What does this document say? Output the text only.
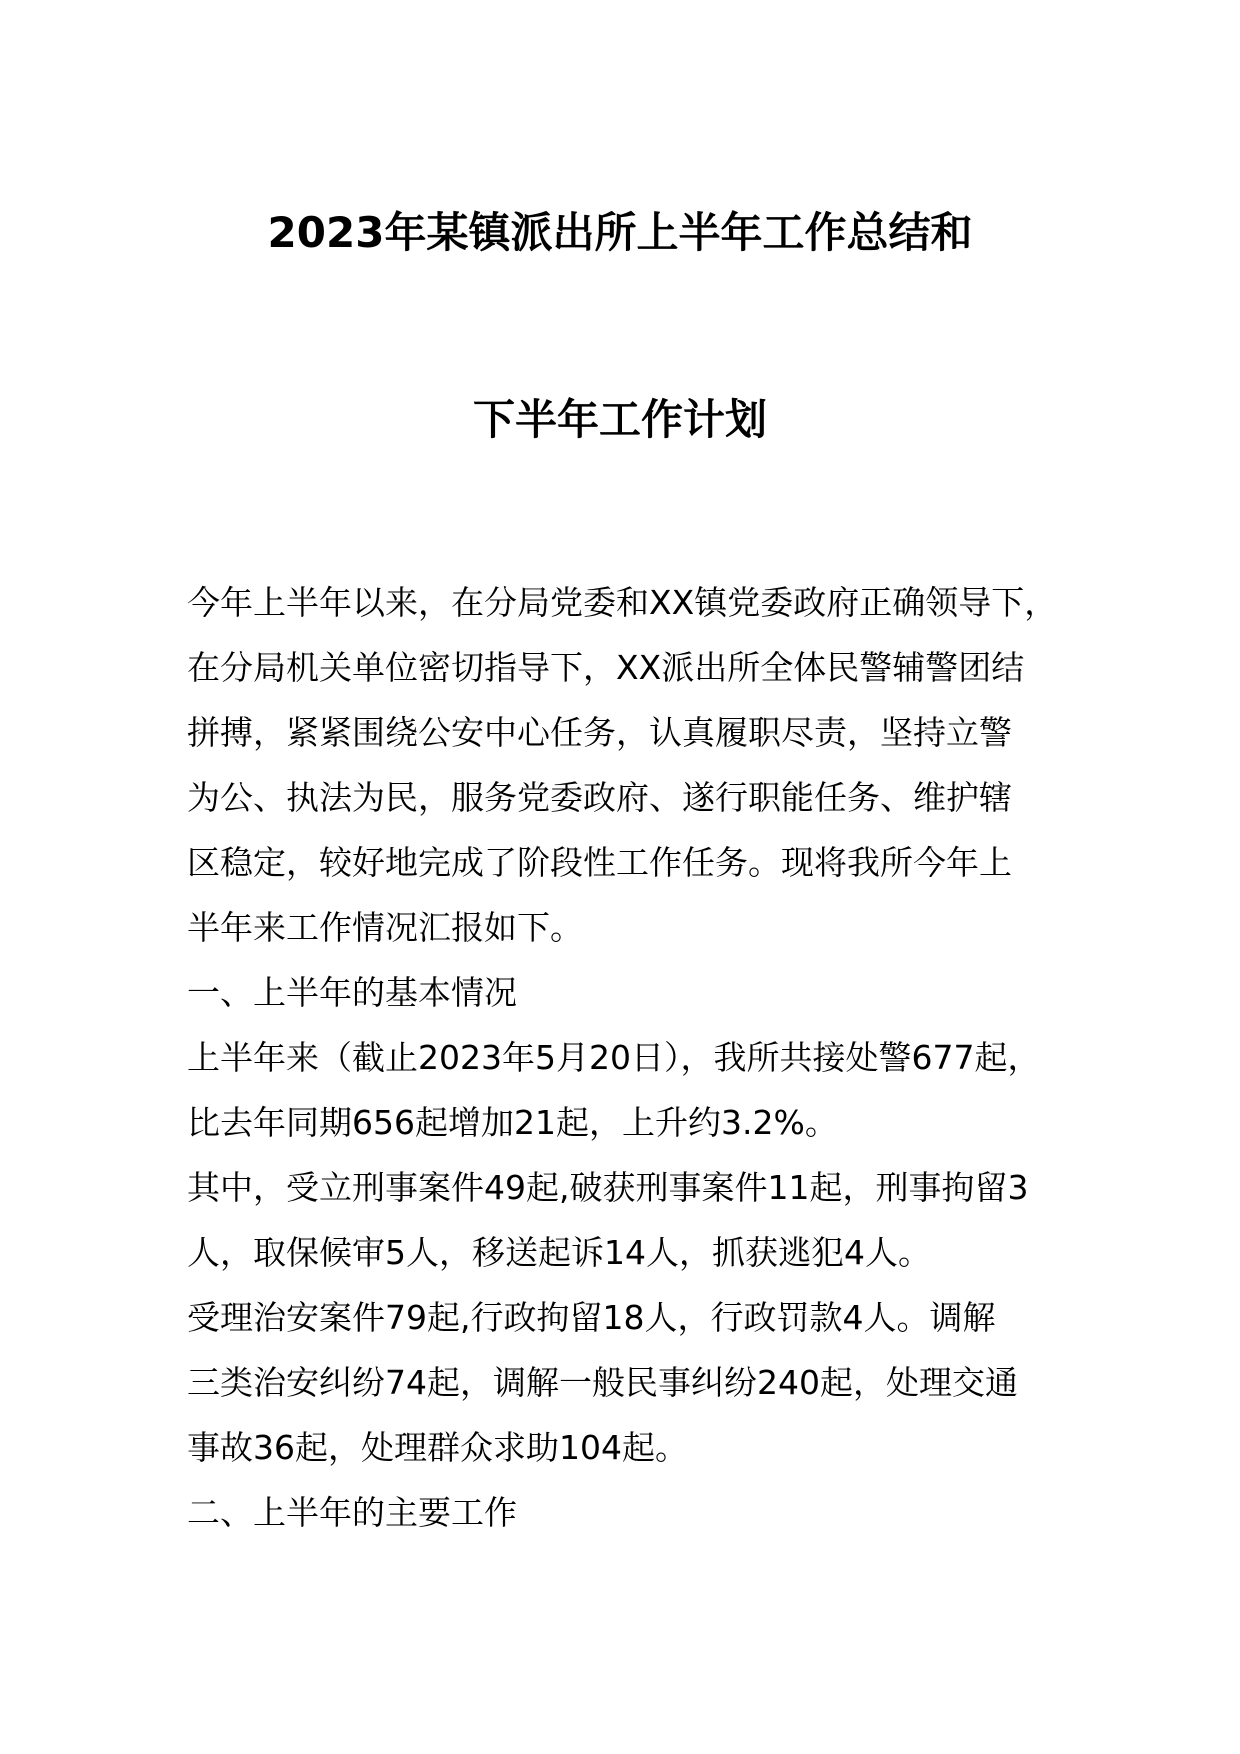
2023年某镇派出所上半年工作总结和
下半年工作计划

今年上半年以来，在分局党委和XX镇党委政府正确领导下，

在分局机关单位密切指导下，XX派出所全体民警辅警团结

拼搏，紧紧围绕公安中心任务，认真履职尽责，坚持立警

为公、执法为民，服务党委政府、遂行职能任务、维护辖

区稳定，较好地完成了阶段性工作任务。现将我所今年上

半年来工作情况汇报如下。

一、上半年的基本情况

上半年来（截止2023年5月20日），我所共接处警677起，

比去年同期656起增加21起，上升约3.2%。

其中，受立刑事案件49起,破获刑事案件11起，刑事拘留3

人，取保候审5人，移送起诉14人，抓获逃犯4人。

受理治安案件79起,行政拘留18人，行政罚款4人。调解

三类治安纠纷74起，调解一般民事纠纷240起，处理交通

事故36起，处理群众求助104起。

二、上半年的主要工作
